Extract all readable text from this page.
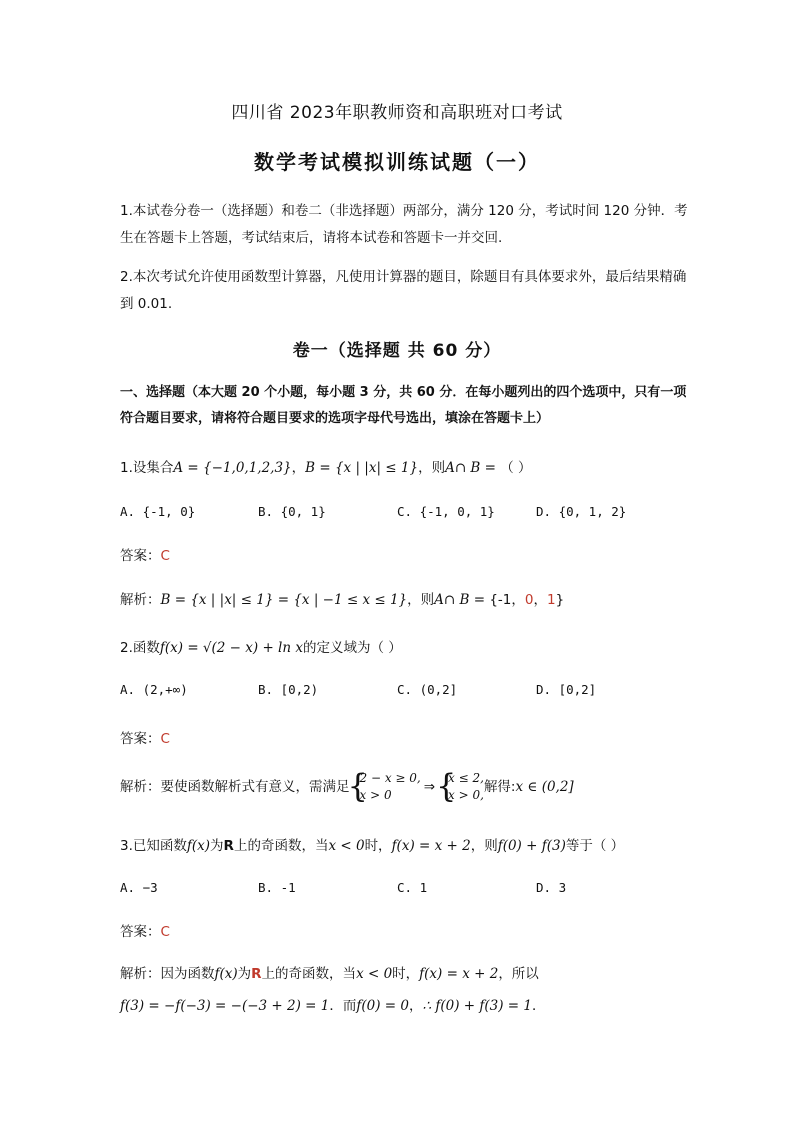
四川省 2023年职教师资和高职班对口考试
数学考试模拟训练试题（一）
1.本试卷分卷一（选择题）和卷二（非选择题）两部分，满分 120 分，考试时间 120 分钟．考生在答题卡上答题，考试结束后，请将本试卷和答题卡一并交回.
2.本次考试允许使用函数型计算器，凡使用计算器的题目，除题目有具体要求外，最后结果精确到 0.01.
卷一（选择题 共 60 分）
一、选择题（本大题 20 个小题，每小题 3 分，共 60 分．在每小题列出的四个选项中，只有一项符合题目要求，请将符合题目要求的选项字母代号选出，填涂在答题卡上）
1.设集合A = {−1,0,1,2,3}，B = {x | |x| ≤ 1}，则A∩ B = （ ）
A. {-1, 0}	B. {0, 1}	C. {-1, 0, 1}	D. {0, 1, 2}
答案：C
解析：B = {x | |x| ≤ 1} = {x | −1 ≤ x ≤ 1}，则A∩ B = {-1，0，1}
2.函数f(x) = √(2 − x) + ln x的定义域为（ ）
A. (2,+∞)	B. [0,2)	C. (0,2]	D. [0,2]
答案：C
解析：要使函数解析式有意义，需满足{ 2 − x ≥ 0,
x > 0 ⇒{ x ≤ 2,
x > 0,解得:x ∈ (0,2]
3.已知函数f(x)为R上的奇函数，当x < 0时，f(x) = x + 2，则f(0) + f(3)等于（ ）
A. −3	B. -1	C. 1	D. 3
答案：C
解析：因为函数f(x)为R上的奇函数，当x < 0时，f(x) = x + 2，所以
f(3) = −f(−3) = −(−3 + 2) = 1．而f(0) = 0，∴ f(0) + f(3) = 1．
